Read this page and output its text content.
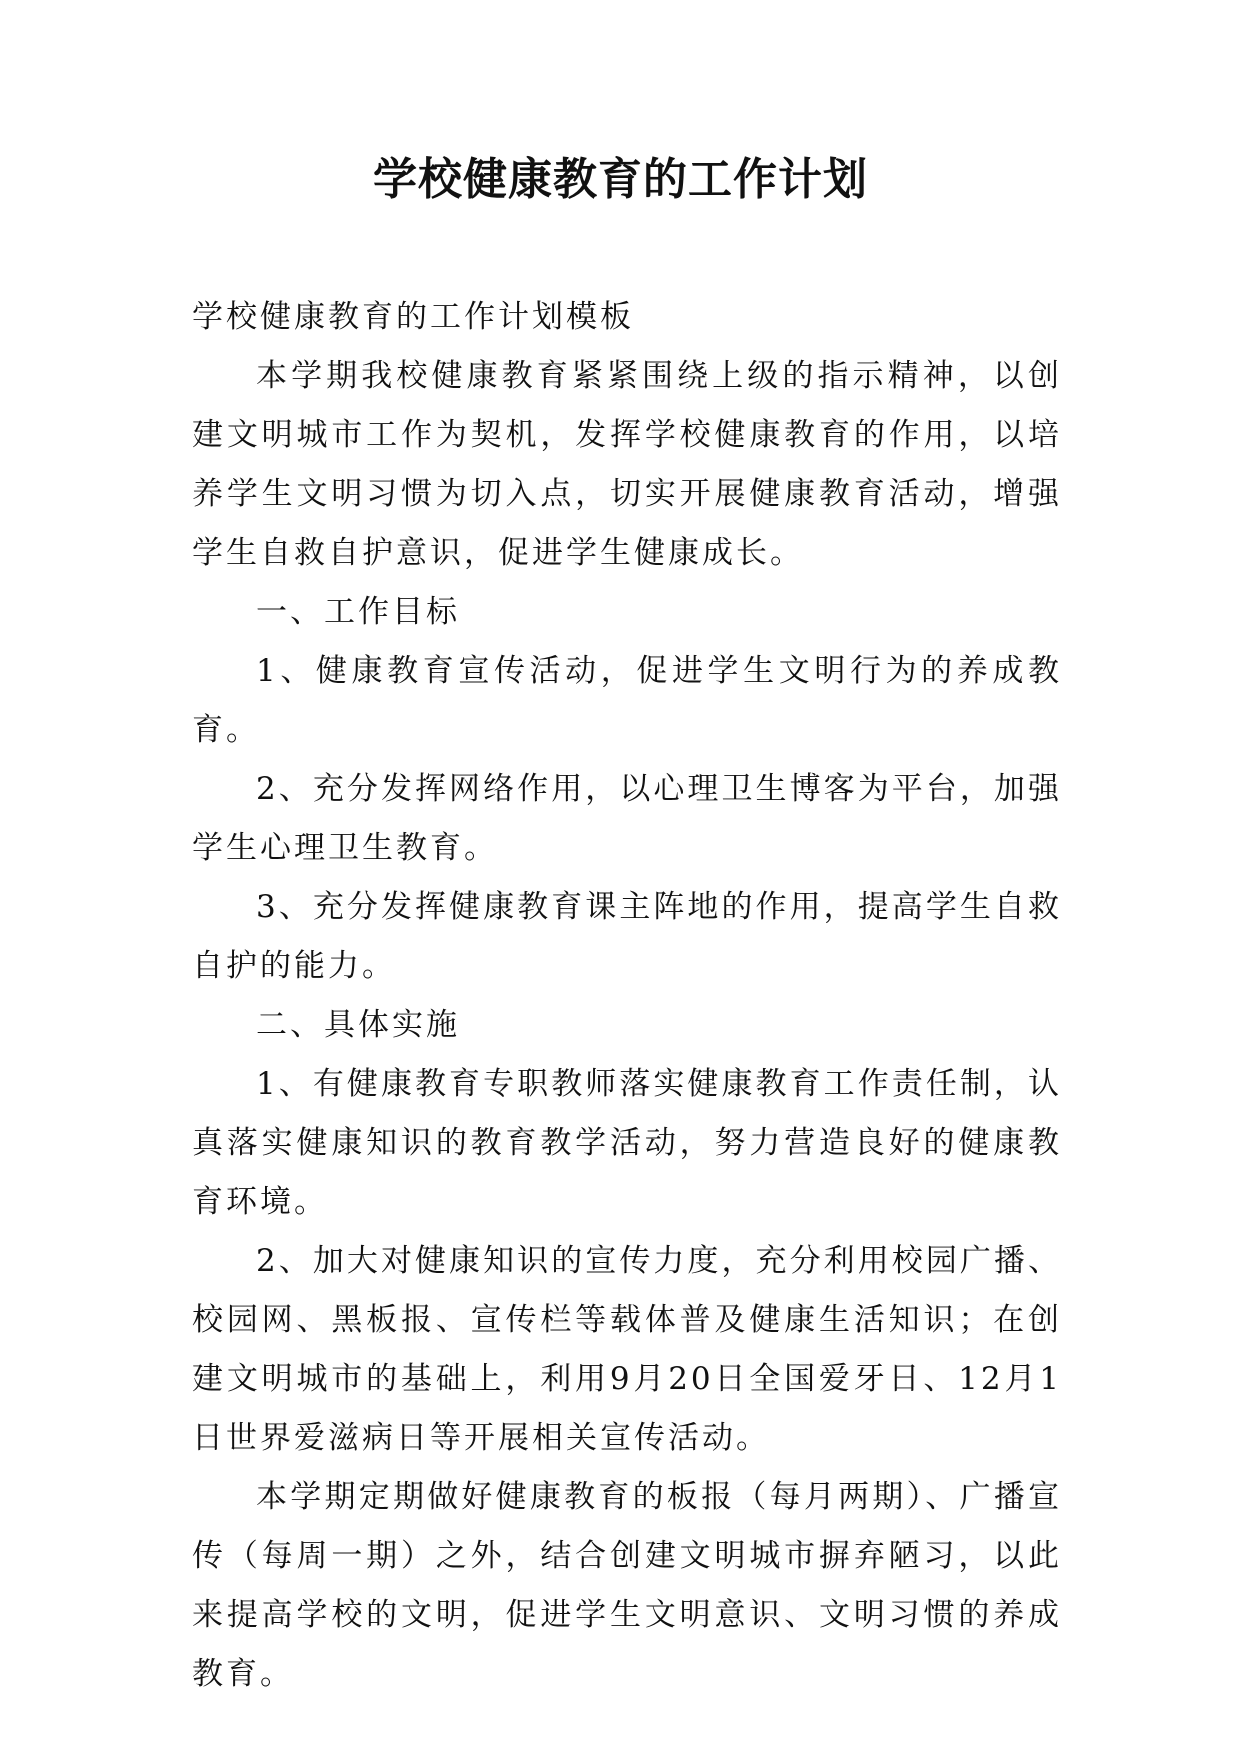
学校健康教育的工作计划

学校健康教育的工作计划模板

本学期我校健康教育紧紧围绕上级的指示精神，以创建文明城市工作为契机，发挥学校健康教育的作用，以培养学生文明习惯为切入点，切实开展健康教育活动，增强学生自救自护意识，促进学生健康成长。

一、工作目标

1、健康教育宣传活动，促进学生文明行为的养成教育。

2、充分发挥网络作用，以心理卫生博客为平台，加强学生心理卫生教育。

3、充分发挥健康教育课主阵地的作用，提高学生自救自护的能力。

二、具体实施

1、有健康教育专职教师落实健康教育工作责任制，认真落实健康知识的教育教学活动，努力营造良好的健康教育环境。

2、加大对健康知识的宣传力度，充分利用校园广播、校园网、黑板报、宣传栏等载体普及健康生活知识；在创建文明城市的基础上，利用9月20日全国爱牙日、12月1日世界爱滋病日等开展相关宣传活动。

本学期定期做好健康教育的板报（每月两期）、广播宣传（每周一期）之外，结合创建文明城市摒弃陋习，以此来提高学校的文明，促进学生文明意识、文明习惯的养成教育。
